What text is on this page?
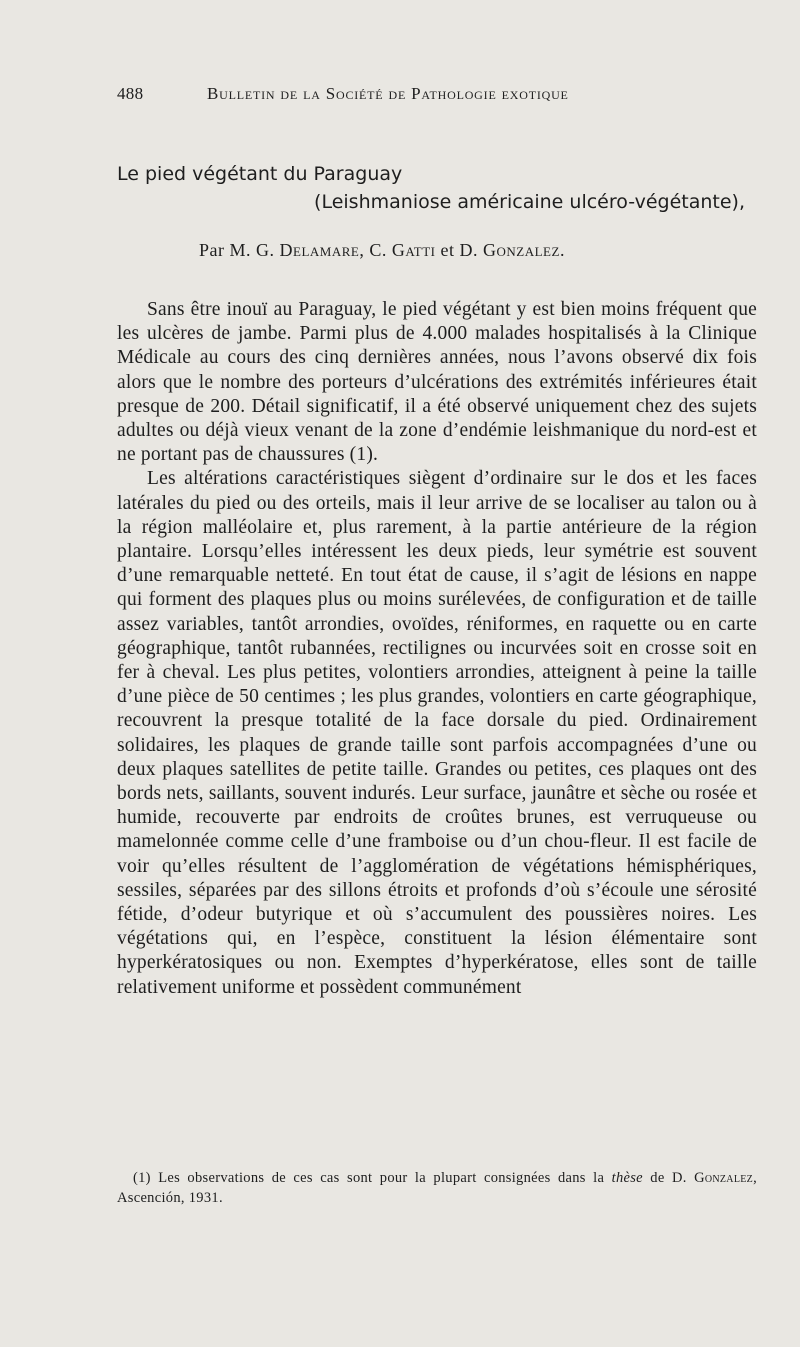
488	Bulletin de la Société de Pathologie exotique
Le pied végétant du Paraguay
(Leishmaniose américaine ulcéro-végétante),
Par M. G. Delamare, C. Gatti et D. Gonzalez.

Sans être inouï au Paraguay, le pied végétant y est bien moins fréquent que les ulcères de jambe. Parmi plus de 4.000 malades hospitalisés à la Clinique Médicale au cours des cinq dernières années, nous l’avons observé dix fois alors que le nombre des porteurs d’ulcérations des extrémités inférieures était presque de 200. Détail significatif, il a été observé uniquement chez des sujets adultes ou déjà vieux venant de la zone d’endémie leishmanique du nord-est et ne portant pas de chaussures (1).

Les altérations caractéristiques siègent d’ordinaire sur le dos et les faces latérales du pied ou des orteils, mais il leur arrive de se localiser au talon ou à la région malléolaire et, plus rarement, à la partie antérieure de la région plantaire. Lorsqu’elles intéressent les deux pieds, leur symétrie est souvent d’une remarquable netteté. En tout état de cause, il s’agit de lésions en nappe qui forment des plaques plus ou moins surélevées, de configuration et de taille assez variables, tantôt arrondies, ovoïdes, réniformes, en raquette ou en carte géographique, tantôt rubannées, rectilignes ou incurvées soit en crosse soit en fer à cheval. Les plus petites, volontiers arrondies, atteignent à peine la taille d’une pièce de 50 centimes ; les plus grandes, volontiers en carte géographique, recouvrent la presque totalité de la face dorsale du pied. Ordinairement solidaires, les plaques de grande taille sont parfois accompagnées d’une ou deux plaques satellites de petite taille. Grandes ou petites, ces plaques ont des bords nets, saillants, souvent indurés. Leur surface, jaunâtre et sèche ou rosée et humide, recouverte par endroits de croûtes brunes, est verruqueuse ou mamelonnée comme celle d’une framboise ou d’un chou-fleur. Il est facile de voir qu’elles résultent de l’agglomération de végétations hémisphériques, sessiles, séparées par des sillons étroits et profonds d’où s’écoule une sérosité fétide, d’odeur butyrique et où s’accumulent des poussières noires. Les végétations qui, en l’espèce, constituent la lésion élémentaire sont hyperkératosiques ou non. Exemptes d’hyperkératose, elles sont de taille relativement uniforme et possèdent communément

(1) Les observations de ces cas sont pour la plupart consignées dans la thèse de D. Gonzalez, Ascención, 1931.
